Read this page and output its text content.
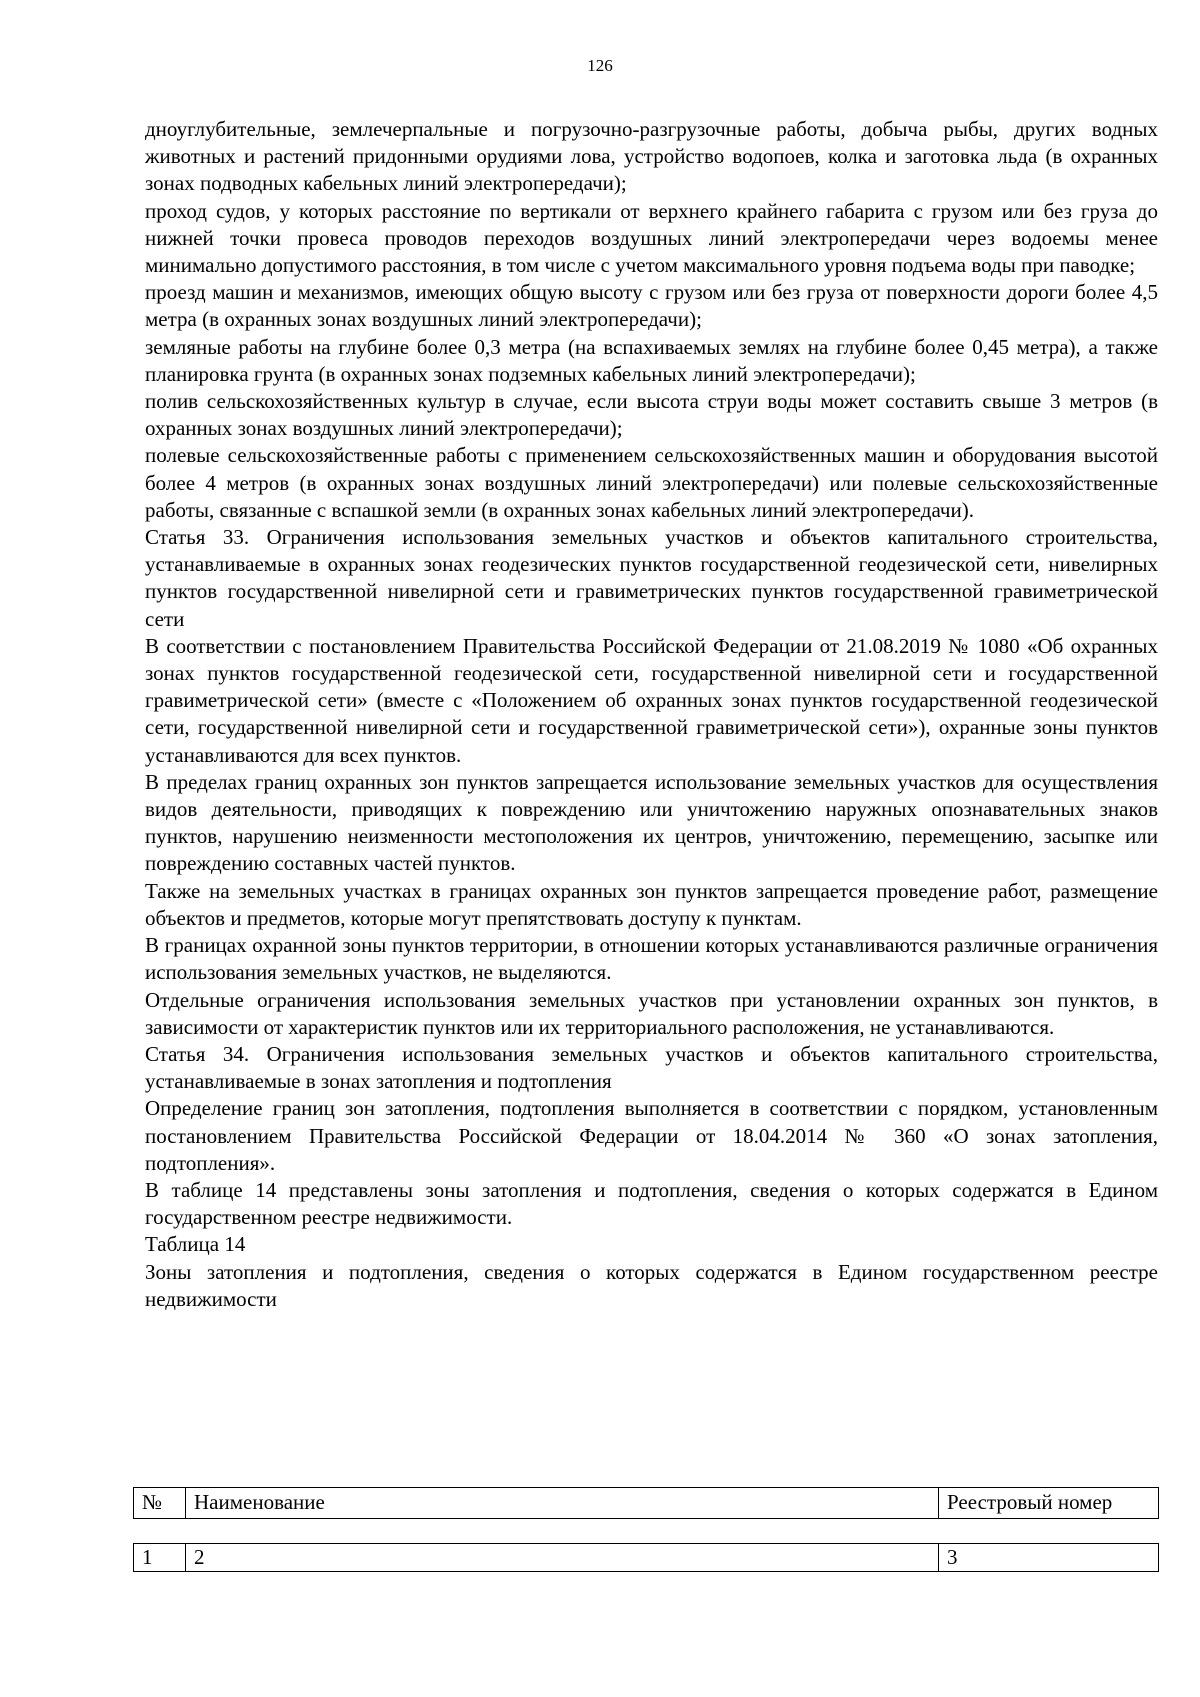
126

дноуглубительные, землечерпальные и погрузочно-разгрузочные работы, добыча рыбы, других водных животных и растений придонными орудиями лова, устройство водопоев, колка и заготовка льда (в охранных зонах подводных кабельных линий электропередачи);

проход судов, у которых расстояние по вертикали от верхнего крайнего габарита с грузом или без груза до нижней точки провеса проводов переходов воздушных линий электропередачи через водоемы менее минимально допустимого расстояния, в том числе с учетом максимального уровня подъема воды при паводке;

проезд машин и механизмов, имеющих общую высоту с грузом или без груза от поверхности дороги более 4,5 метра (в охранных зонах воздушных линий электропередачи);

земляные работы на глубине более 0,3 метра (на вспахиваемых землях на глубине более 0,45 метра), а также планировка грунта (в охранных зонах подземных кабельных линий электропередачи);

полив сельскохозяйственных культур в случае, если высота струи воды может составить свыше 3 метров (в охранных зонах воздушных линий электропередачи);

полевые сельскохозяйственные работы с применением сельскохозяйственных машин и оборудования высотой более 4 метров (в охранных зонах воздушных линий электропередачи) или полевые сельскохозяйственные работы, связанные с вспашкой земли (в охранных зонах кабельных линий электропередачи).

Статья 33. Ограничения использования земельных участков и объектов капитального строительства, устанавливаемые в охранных зонах геодезических пунктов государственной геодезической сети, нивелирных пунктов государственной нивелирной сети и гравиметрических пунктов государственной гравиметрической сети

В соответствии с постановлением Правительства Российской Федерации от 21.08.2019 № 1080 «Об охранных зонах пунктов государственной геодезической сети, государственной нивелирной сети и государственной гравиметрической сети» (вместе с «Положением об охранных зонах пунктов государственной геодезической сети, государственной нивелирной сети и государственной гравиметрической сети»), охранные зоны пунктов устанавливаются для всех пунктов.

В пределах границ охранных зон пунктов запрещается использование земельных участков для осуществления видов деятельности, приводящих к повреждению или уничтожению наружных опознавательных знаков пунктов, нарушению неизменности местоположения их центров, уничтожению, перемещению, засыпке или повреждению составных частей пунктов.

Также на земельных участках в границах охранных зон пунктов запрещается проведение работ, размещение объектов и предметов, которые могут препятствовать доступу к пунктам.

В границах охранной зоны пунктов территории, в отношении которых устанавливаются различные ограничения использования земельных участков, не выделяются.

Отдельные ограничения использования земельных участков при установлении охранных зон пунктов, в зависимости от характеристик пунктов или их территориального расположения, не устанавливаются.

Статья 34. Ограничения использования земельных участков и объектов капитального строительства, устанавливаемые в зонах затопления и подтопления

Определение границ зон затопления, подтопления выполняется в соответствии с порядком, установленным постановлением Правительства Российской Федерации от 18.04.2014 № 360 «О зонах затопления, подтопления».

В таблице 14 представлены зоны затопления и подтопления, сведения о которых содержатся в Едином государственном реестре недвижимости.

Таблица 14

Зоны затопления и подтопления, сведения о которых содержатся в Едином государственном реестре недвижимости

№	Наименование	Реестровый номер

1	2	3
